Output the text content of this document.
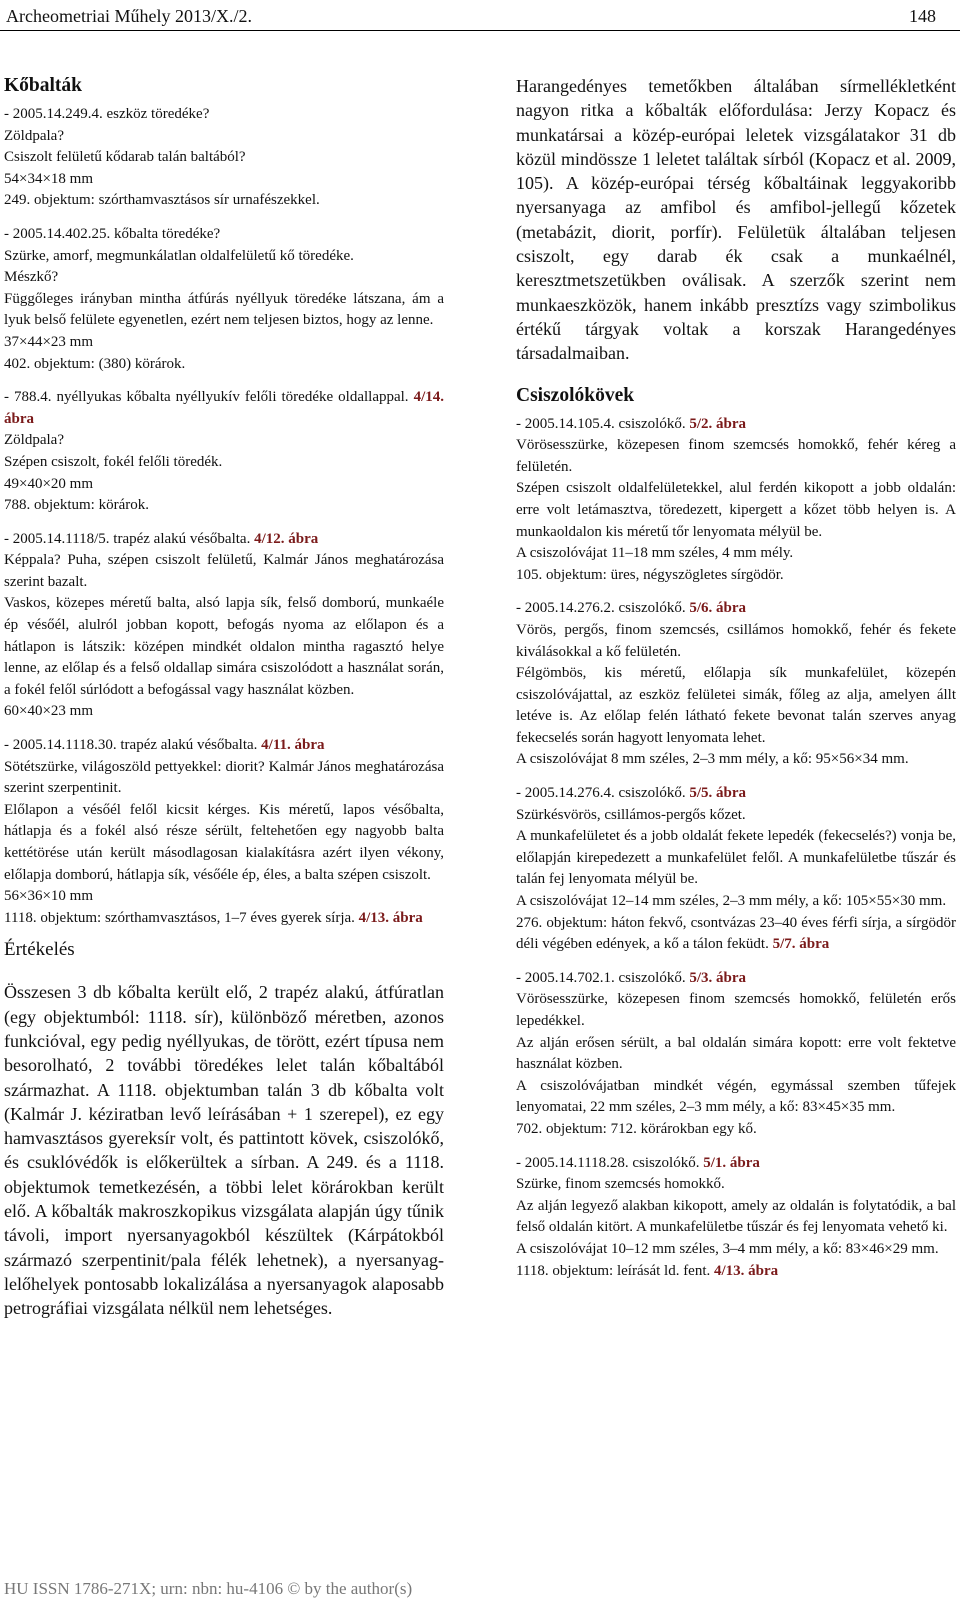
Archeometriai Műhely 2013/X./2.	148
Kőbalták
- 2005.14.249.4. eszköz töredéke?
Zöldpala?
Csiszolt felületű kődarab talán baltából?
54×34×18 mm
249. objektum: szórthamvasztásos sír urnafészekkel.
- 2005.14.402.25. kőbalta töredéke?
Szürke, amorf, megmunkálatlan oldalfelületű kő töredéke.
Mészkő?
Függőleges irányban mintha átfúrás nyéllyuk töredéke látszana, ám a lyuk belső felülete egyenetlen, ezért nem teljesen biztos, hogy az lenne.
37×44×23 mm
402. objektum: (380) körárok.
- 788.4. nyéllyukas kőbalta nyéllyukív felőli töredéke oldallappal. 4/14. ábra
Zöldpala?
Szépen csiszolt, fokél felőli töredék.
49×40×20 mm
788. objektum: körárok.
- 2005.14.1118/5. trapéz alakú vésőbalta. 4/12. ábra
Képpala? Puha, szépen csiszolt felületű, Kalmár János meghatározása szerint bazalt.
Vaskos, közepes méretű balta, alsó lapja sík, felső domború, munkaéle ép vésőél, alulról jobban kopott, befogás nyoma az előlapon és a hátlapon is látszik: középen mindkét oldalon mintha ragasztó helye lenne, az előlap és a felső oldallap simára csiszolódott a használat során, a fokél felől súrlódott a befogással vagy használat közben.
60×40×23 mm
- 2005.14.1118.30. trapéz alakú vésőbalta. 4/11. ábra
Sötétszürke, világoszöld pettyekkel: diorit? Kalmár János meghatározása szerint szerpentinit.
Előlapon a vésőél felől kicsit kérges. Kis méretű, lapos vésőbalta, hátlapja és a fokél alsó része sérült, feltehetően egy nagyobb balta kettétörése után került másodlagosan kialakításra azért ilyen vékony, előlapja domború, hátlapja sík, vésőéle ép, éles, a balta szépen csiszolt.
56×36×10 mm
1118. objektum: szórthamvasztásos, 1–7 éves gyerek sírja. 4/13. ábra
Értékelés
Összesen 3 db kőbalta került elő, 2 trapéz alakú, átfúratlan (egy objektumból: 1118. sír), különböző méretben, azonos funkcióval, egy pedig nyéllyukas, de törött, ezért típusa nem besorolható, 2 további töredékes lelet talán kőbaltából származhat. A 1118. objektumban talán 3 db kőbalta volt (Kalmár J. kéziratban levő leírásában + 1 szerepel), ez egy hamvasztásos gyereksír volt, és pattintott kövek, csiszolókő, és csuklóvédők is előkerültek a sírban. A 249. és a 1118. objektumok temetkezésén, a többi lelet körárokban került elő. A kőbalták makroszkopikus vizsgálata alapján úgy tűnik távoli, import nyersanyagokból készültek (Kárpátokból származó szerpentinit/pala félék lehetnek), a nyersanyag-lelőhelyek pontosabb lokalizálása a nyersanyagok alaposabb petrográfiai vizsgálata nélkül nem lehetséges.
Harangedényes temetőkben általában sírmellékletként nagyon ritka a kőbalták előfordulása: Jerzy Kopacz és munkatársai a közép-európai leletek vizsgálatakor 31 db közül mindössze 1 leletet találtak sírból (Kopacz et al. 2009, 105). A közép-európai térség kőbaltáinak leggyakoribb nyersanyaga az amfibol és amfibol-jellegű kőzetek (metabázit, diorit, porfír). Felületük általában teljesen csiszolt, egy darab ék csak a munkaélnél, keresztmetszetükben oválisak. A szerzők szerint nem munkaeszközök, hanem inkább presztízs vagy szimbolikus értékű tárgyak voltak a korszak Harangedényes társadalmaiban.
Csiszolókövek
- 2005.14.105.4. csiszolókő. 5/2. ábra
Vörösesszürke, közepesen finom szemcsés homokkő, fehér kéreg a felületén.
Szépen csiszolt oldalfelületekkel, alul ferdén kikopott a jobb oldalán: erre volt letámasztva, töredezett, kipergett a kőzet több helyen is. A munkaoldalon kis méretű tőr lenyomata mélyül be.
A csiszolóvájat 11–18 mm széles, 4 mm mély.
105. objektum: üres, négyszögletes sírgödör.
- 2005.14.276.2. csiszolókő. 5/6. ábra
Vörös, pergős, finom szemcsés, csillámos homokkő, fehér és fekete kiválásokkal a kő felületén.
Félgömbös, kis méretű, előlapja sík munkafelület, közepén csiszolóvájattal, az eszköz felületei simák, főleg az alja, amelyen állt letéve is. Az előlap felén látható fekete bevonat talán szerves anyag fekecselés során hagyott lenyomata lehet.
A csiszolóvájat 8 mm széles, 2–3 mm mély, a kő: 95×56×34 mm.
- 2005.14.276.4. csiszolókő. 5/5. ábra
Szürkésvörös, csillámos-pergős kőzet.
A munkafelületet és a jobb oldalát fekete lepedék (fekecselés?) vonja be, előlapján kirepedezett a munkafelület felől. A munkafelületbe tűszár és talán fej lenyomata mélyül be.
A csiszolóvájat 12–14 mm széles, 2–3 mm mély, a kő: 105×55×30 mm.
276. objektum: háton fekvő, csontvázas 23–40 éves férfi sírja, a sírgödör déli végében edények, a kő a tálon feküdt. 5/7. ábra
- 2005.14.702.1. csiszolókő. 5/3. ábra
Vörösesszürke, közepesen finom szemcsés homokkő, felületén erős lepedékkel.
Az alján erősen sérült, a bal oldalán simára kopott: erre volt fektetve használat közben.
A csiszolóvájatban mindkét végén, egymással szemben tűfejek lenyomatai, 22 mm széles, 2–3 mm mély, a kő: 83×45×35 mm.
702. objektum: 712. körárokban egy kő.
- 2005.14.1118.28. csiszolókő. 5/1. ábra
Szürke, finom szemcsés homokkő.
Az alján legyező alakban kikopott, amely az oldalán is folytatódik, a bal felső oldalán kitört. A munkafelületbe tűszár és fej lenyomata vehető ki.
A csiszolóvájat 10–12 mm széles, 3–4 mm mély, a kő: 83×46×29 mm.
1118. objektum: leírását ld. fent. 4/13. ábra
HU ISSN 1786-271X; urn: nbn: hu-4106 © by the author(s)
